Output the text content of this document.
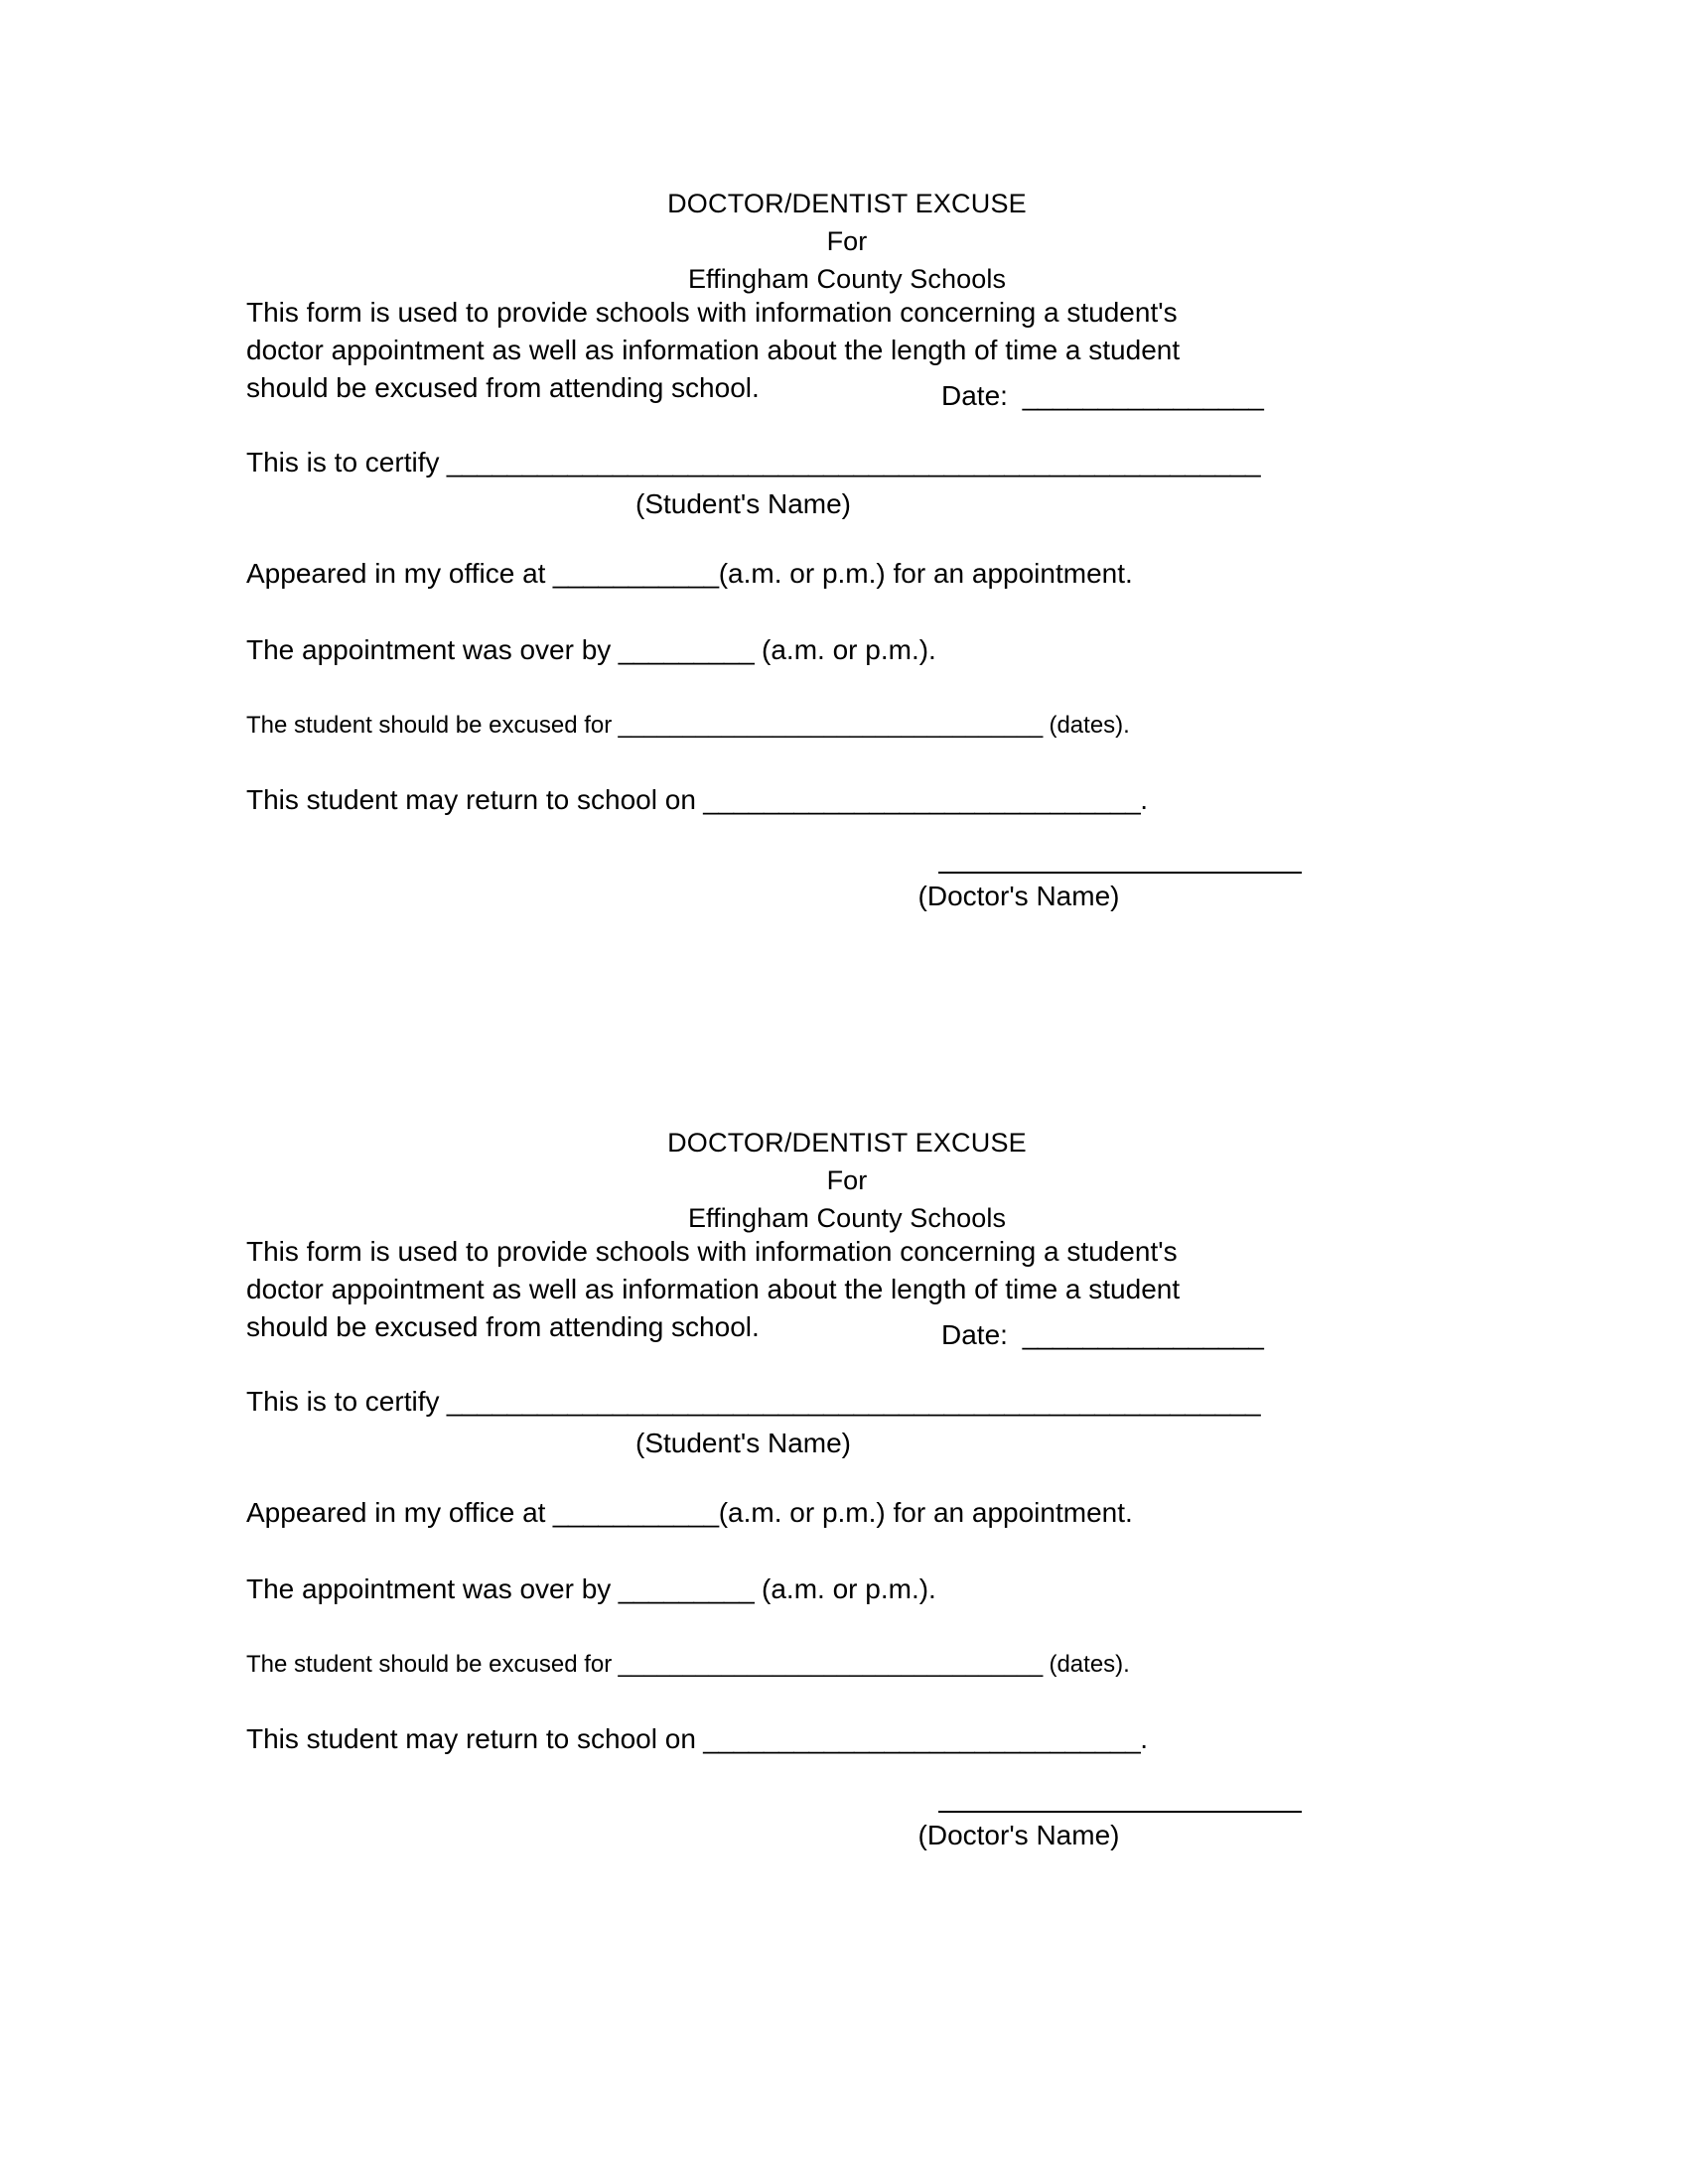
DOCTOR/DENTIST EXCUSE
For
Effingham County Schools
This form is used to provide schools with information concerning a student's
doctor appointment as well as information about the length of time a student
should be excused from attending school.	Date:  ________________
This is to certify ______________________________________________________
(Student's Name)
Appeared in my office at ___________(a.m. or p.m.) for an appointment.
The appointment was over by _________ (a.m. or p.m.).
The student should be excused for _________________________________ (dates).
This student may return to school on _____________________________.
(Doctor's Name)
DOCTOR/DENTIST EXCUSE
For
Effingham County Schools
This form is used to provide schools with information concerning a student's
doctor appointment as well as information about the length of time a student
should be excused from attending school.	Date:  ________________
This is to certify ______________________________________________________
(Student's Name)
Appeared in my office at ___________(a.m. or p.m.) for an appointment.
The appointment was over by _________ (a.m. or p.m.).
The student should be excused for _________________________________ (dates).
This student may return to school on _____________________________.
(Doctor's Name)
